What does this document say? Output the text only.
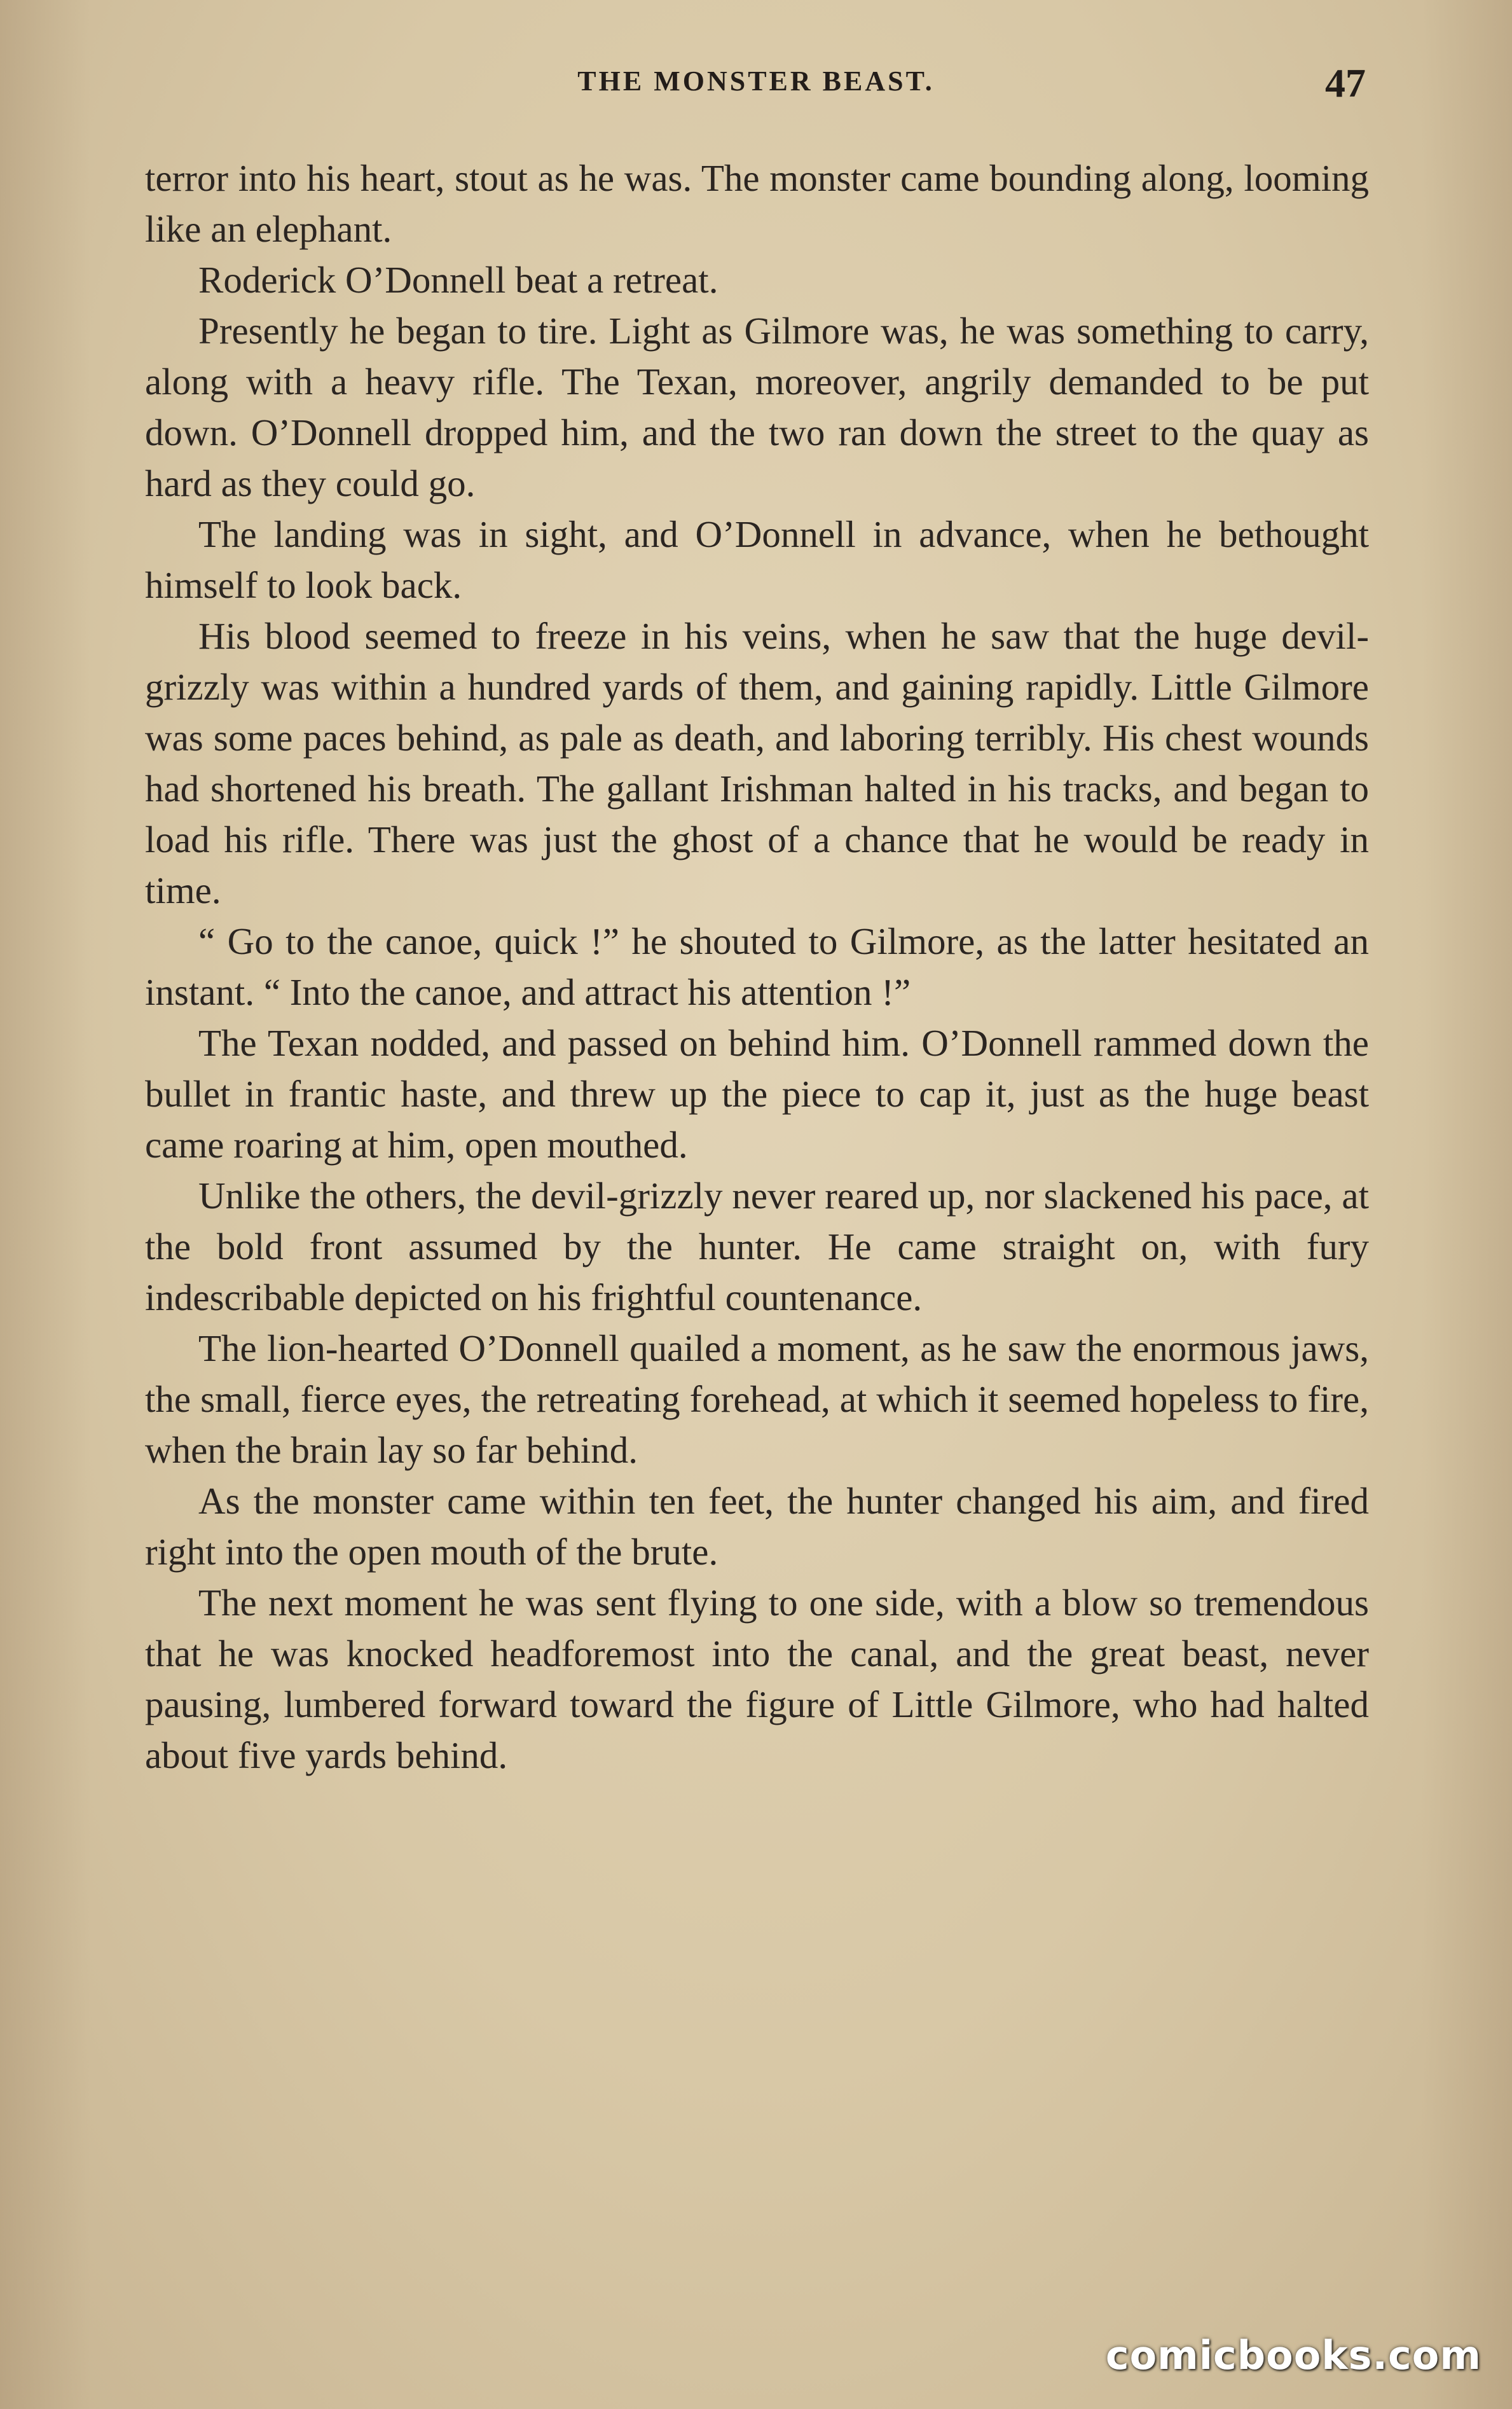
THE MONSTER BEAST.	47

terror into his heart, stout as he was. The monster came bounding along, looming like an elephant.

Roderick O’Donnell beat a retreat.

Presently he began to tire. Light as Gilmore was, he was something to carry, along with a heavy rifle. The Texan, moreover, angrily demanded to be put down. O’Donnell dropped him, and the two ran down the street to the quay as hard as they could go.

The landing was in sight, and O’Donnell in advance, when he bethought himself to look back.

His blood seemed to freeze in his veins, when he saw that the huge devil-grizzly was within a hundred yards of them, and gaining rapidly. Little Gilmore was some paces behind, as pale as death, and laboring terribly. His chest wounds had shortened his breath. The gallant Irishman halted in his tracks, and began to load his rifle. There was just the ghost of a chance that he would be ready in time.

“ Go to the canoe, quick !” he shouted to Gilmore, as the latter hesitated an instant. “ Into the canoe, and attract his attention !”

The Texan nodded, and passed on behind him. O’Donnell rammed down the bullet in frantic haste, and threw up the piece to cap it, just as the huge beast came roaring at him, open mouthed.

Unlike the others, the devil-grizzly never reared up, nor slackened his pace, at the bold front assumed by the hunter. He came straight on, with fury indescribable depicted on his frightful countenance.

The lion-hearted O’Donnell quailed a moment, as he saw the enormous jaws, the small, fierce eyes, the retreating forehead, at which it seemed hopeless to fire, when the brain lay so far behind.

As the monster came within ten feet, the hunter changed his aim, and fired right into the open mouth of the brute.

The next moment he was sent flying to one side, with a blow so tremendous that he was knocked headforemost into the canal, and the great beast, never pausing, lumbered forward toward the figure of Little Gilmore, who had halted about five yards behind.

comicbooks.com
